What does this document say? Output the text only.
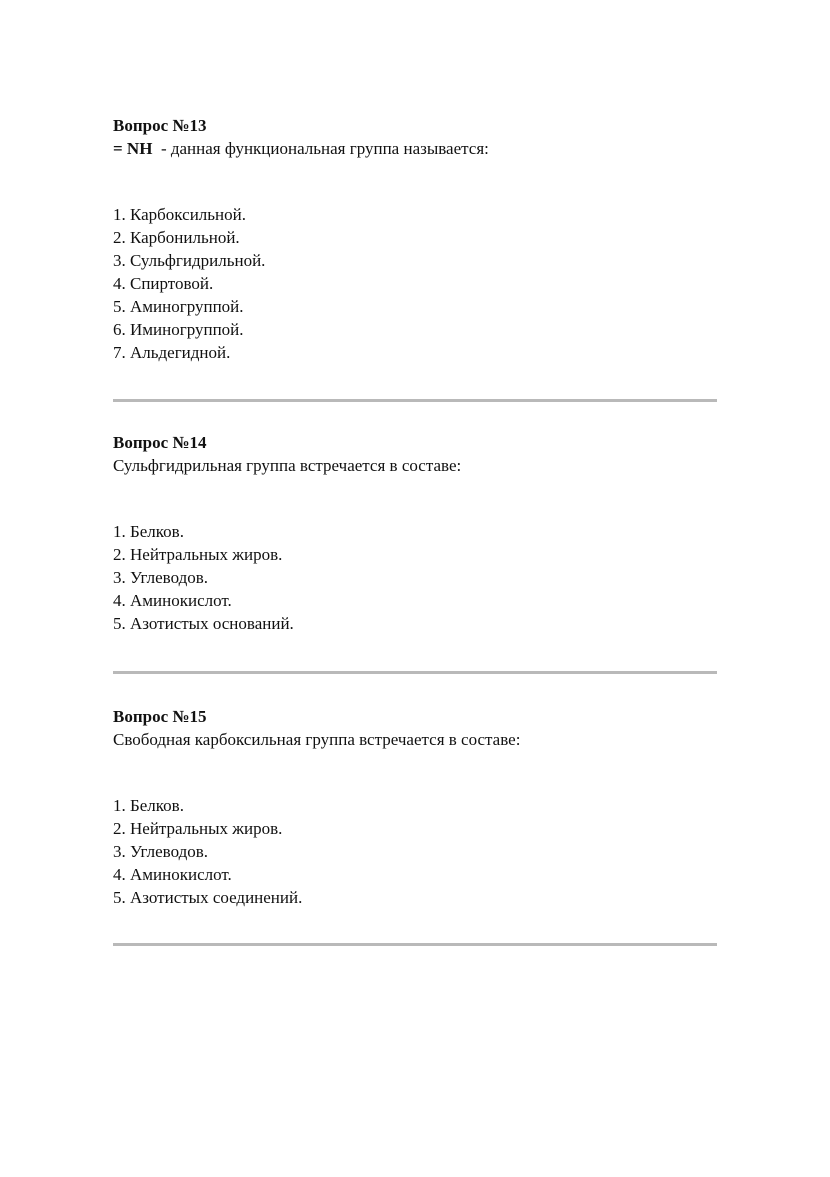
Вопрос №13

= NH - данная функциональная группа называется:

1. Карбоксильной.
2. Карбонильной.
3. Сульфгидрильной.
4. Спиртовой.
5. Аминогруппой.
6. Иминогруппой.
7. Альдегидной.

Вопрос №14

Сульфгидрильная группа встречается в составе:

1. Белков.
2. Нейтральных жиров.
3. Углеводов.
4. Аминокислот.
5. Азотистых оснований.

Вопрос №15

Свободная карбоксильная группа встречается в составе:

1. Белков.
2. Нейтральных жиров.
3. Углеводов.
4. Аминокислот.
5. Азотистых соединений.
